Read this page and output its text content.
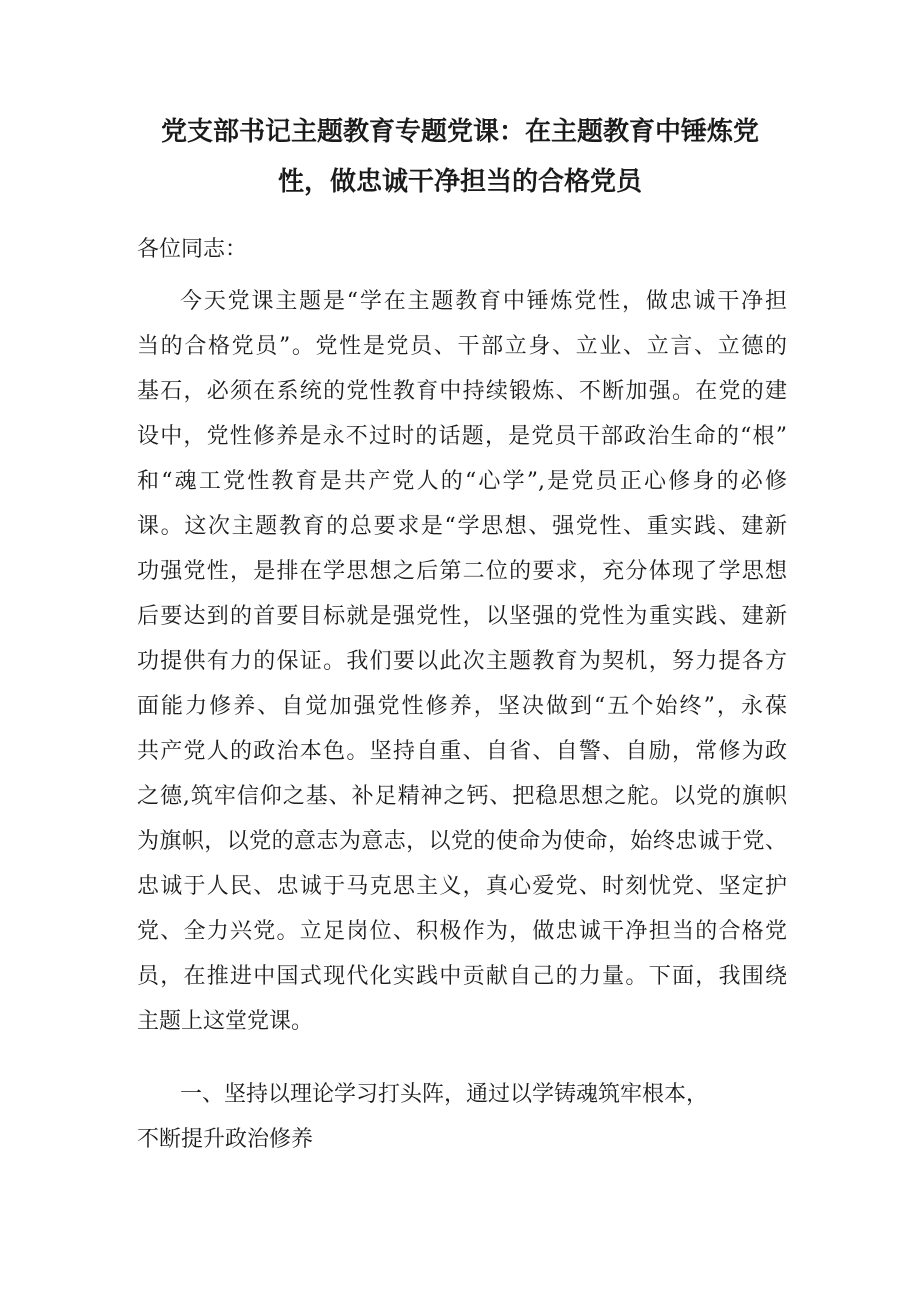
党支部书记主题教育专题党课：在主题教育中锤炼党
性，做忠诚干净担当的合格党员

各位同志：

今天党课主题是“学在主题教育中锤炼党性，做忠诚干净担

当的合格党员”。党性是党员、干部立身、立业、立言、立德的

基石，必须在系统的党性教育中持续锻炼、不断加强。在党的建

设中，党性修养是永不过时的话题，是党员干部政治生命的“根”

和“魂工党性教育是共产党人的“心学”,是党员正心修身的必修

课。这次主题教育的总要求是“学思想、强党性、重实践、建新

功强党性，是排在学思想之后第二位的要求，充分体现了学思想

后要达到的首要目标就是强党性，以坚强的党性为重实践、建新

功提供有力的保证。我们要以此次主题教育为契机，努力提各方

面能力修养、自觉加强党性修养，坚决做到“五个始终”，永葆

共产党人的政治本色。坚持自重、自省、自警、自励，常修为政

之德,筑牢信仰之基、补足精神之钙、把稳思想之舵。以党的旗帜

为旗帜，以党的意志为意志，以党的使命为使命，始终忠诚于党、

忠诚于人民、忠诚于马克思主义，真心爱党、时刻忧党、坚定护

党、全力兴党。立足岗位、积极作为，做忠诚干净担当的合格党

员，在推进中国式现代化实践中贡献自己的力量。下面，我围绕

主题上这堂党课。

一、坚持以理论学习打头阵，通过以学铸魂筑牢根本，

不断提升政治修养
